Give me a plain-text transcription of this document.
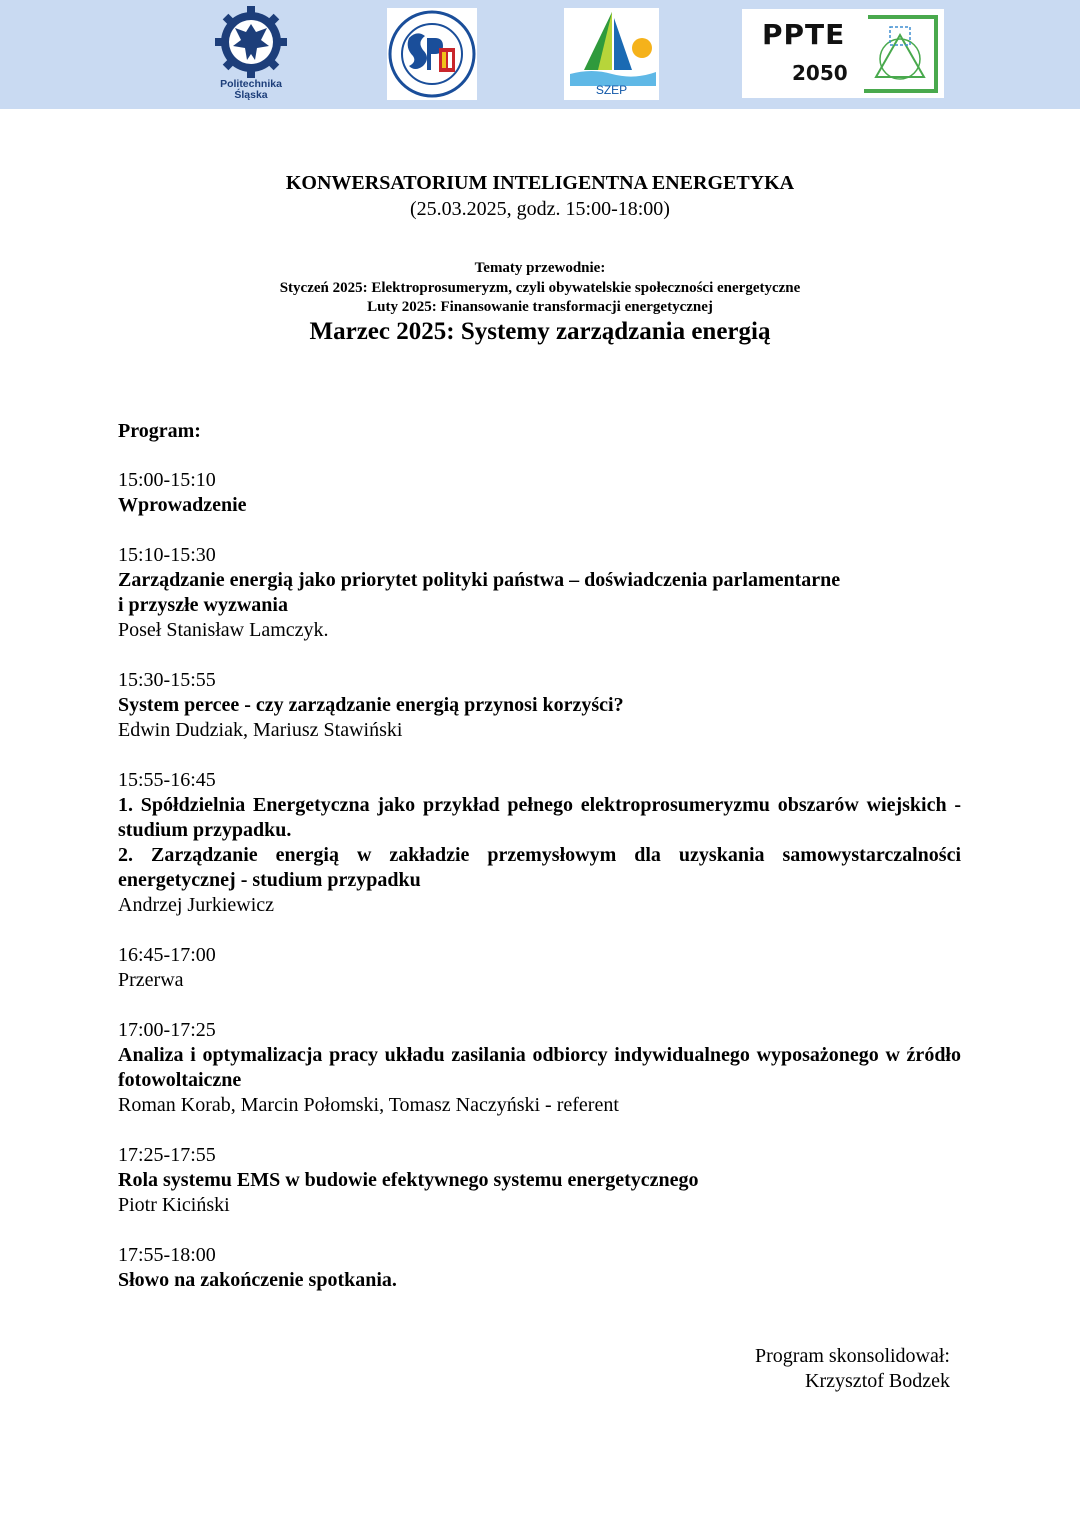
Politechnika
Śląska	SZEP
PPTE
2050
KONWERSATORIUM INTELIGENTNA ENERGETYKA
(25.03.2025, godz. 15:00-18:00)
Tematy przewodnie:
Styczeń 2025: Elektroprosumeryzm, czyli obywatelskie społeczności energetyczne
Luty 2025: Finansowanie transformacji energetycznej
Marzec 2025: Systemy zarządzania energią
Program:
15:00-15:10
Wprowadzenie
15:10-15:30
Zarządzanie energią jako priorytet polityki państwa – doświadczenia parlamentarne
i przyszłe wyzwania
Poseł Stanisław Lamczyk.
15:30-15:55
System percee - czy zarządzanie energią przynosi korzyści?
Edwin Dudziak, Mariusz Stawiński
15:55-16:45
1. Spółdzielnia Energetyczna jako przykład pełnego elektroprosumeryzmu obszarów wiejskich - studium przypadku.
2. Zarządzanie energią w zakładzie przemysłowym dla uzyskania samowystarczalności energetycznej - studium przypadku
Andrzej Jurkiewicz
16:45-17:00
Przerwa
17:00-17:25
Analiza i optymalizacja pracy układu zasilania odbiorcy indywidualnego wyposażonego w źródło fotowoltaiczne
Roman Korab, Marcin Połomski, Tomasz Naczyński - referent
17:25-17:55
Rola systemu EMS w budowie efektywnego systemu energetycznego
Piotr Kiciński
17:55-18:00
Słowo na zakończenie spotkania.
Program skonsolidował:
Krzysztof Bodzek
